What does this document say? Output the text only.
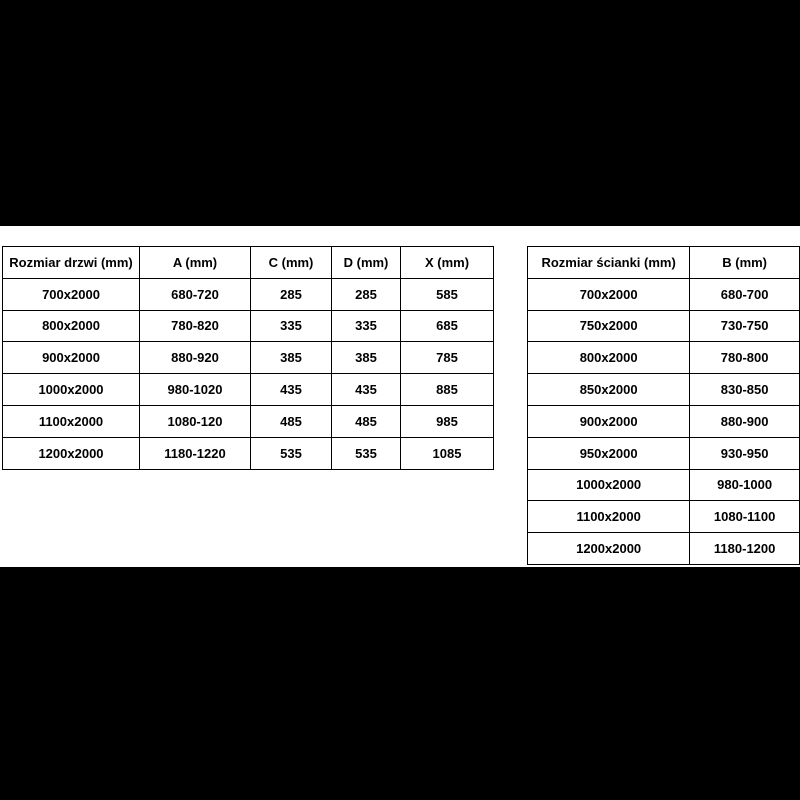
Rozmiar drzwi (mm)	A (mm)	C (mm)	D (mm)	X (mm)
700x2000	680-720	285	285	585
800x2000	780-820	335	335	685
900x2000	880-920	385	385	785
1000x2000	980-1020	435	435	885
1100x2000	1080-120	485	485	985
1200x2000	1180-1220	535	535	1085
Rozmiar ścianki (mm)	B (mm)
700x2000	680-700
750x2000	730-750
800x2000	780-800
850x2000	830-850
900x2000	880-900
950x2000	930-950
1000x2000	980-1000
1100x2000	1080-1100
1200x2000	1180-1200
